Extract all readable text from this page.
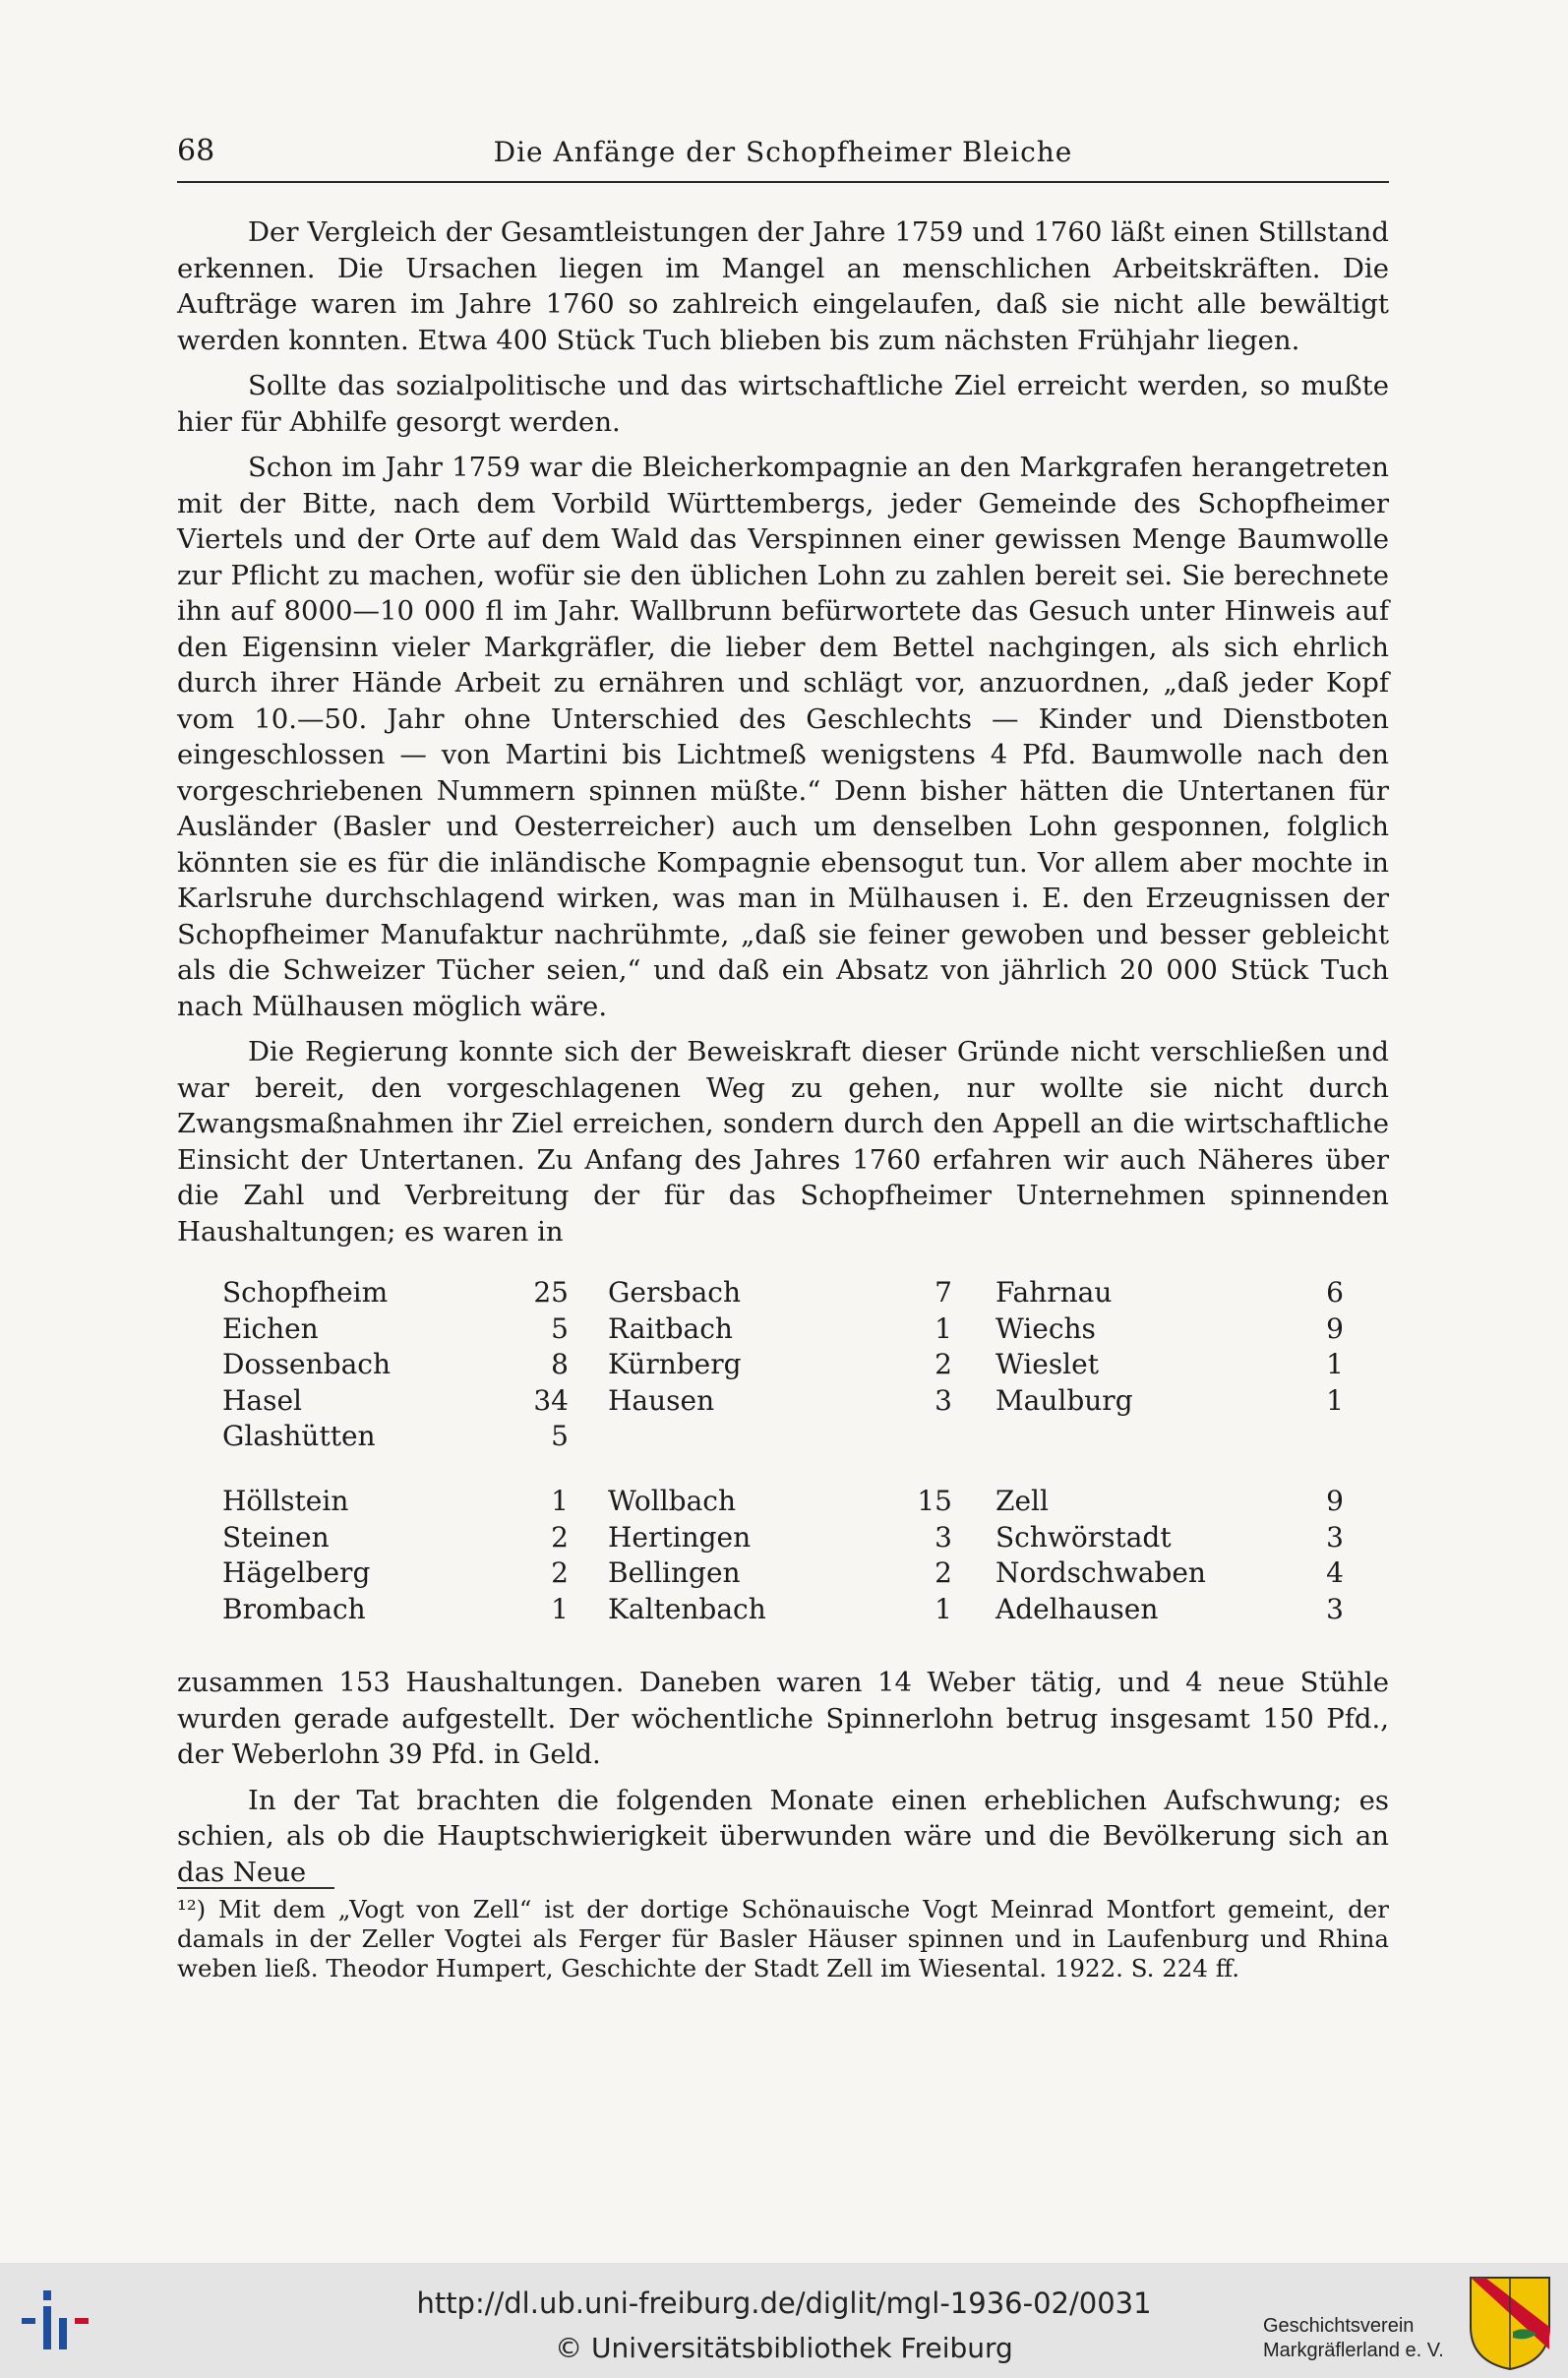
68	Die Anfänge der Schopfheimer Bleiche

Der Vergleich der Gesamtleistungen der Jahre 1759 und 1760 läßt einen Stillstand erkennen. Die Ursachen liegen im Mangel an menschlichen Arbeitskräften. Die Aufträge waren im Jahre 1760 so zahlreich eingelaufen, daß sie nicht alle bewältigt werden konnten. Etwa 400 Stück Tuch blieben bis zum nächsten Frühjahr liegen.

Sollte das sozialpolitische und das wirtschaftliche Ziel erreicht werden, so mußte hier für Abhilfe gesorgt werden.

Schon im Jahr 1759 war die Bleicherkompagnie an den Markgrafen herangetreten mit der Bitte, nach dem Vorbild Württembergs, jeder Gemeinde des Schopfheimer Viertels und der Orte auf dem Wald das Verspinnen einer gewissen Menge Baumwolle zur Pflicht zu machen, wofür sie den üblichen Lohn zu zahlen bereit sei. Sie berechnete ihn auf 8000—10 000 fl im Jahr. Wallbrunn befürwortete das Gesuch unter Hinweis auf den Eigensinn vieler Markgräfler, die lieber dem Bettel nachgingen, als sich ehrlich durch ihrer Hände Arbeit zu ernähren und schlägt vor, anzuordnen, „daß jeder Kopf vom 10.—50. Jahr ohne Unterschied des Geschlechts — Kinder und Dienstboten eingeschlossen — von Martini bis Lichtmeß wenigstens 4 Pfd. Baumwolle nach den vorgeschriebenen Nummern spinnen müßte.“ Denn bisher hätten die Untertanen für Ausländer (Basler und Oesterreicher) auch um denselben Lohn gesponnen, folglich könnten sie es für die inländische Kompagnie ebensogut tun. Vor allem aber mochte in Karlsruhe durchschlagend wirken, was man in Mülhausen i. E. den Erzeugnissen der Schopfheimer Manufaktur nachrühmte, „daß sie feiner gewoben und besser gebleicht als die Schweizer Tücher seien,“ und daß ein Absatz von jährlich 20 000 Stück Tuch nach Mülhausen möglich wäre.

Die Regierung konnte sich der Beweiskraft dieser Gründe nicht verschließen und war bereit, den vorgeschlagenen Weg zu gehen, nur wollte sie nicht durch Zwangsmaßnahmen ihr Ziel erreichen, sondern durch den Appell an die wirtschaftliche Einsicht der Untertanen. Zu Anfang des Jahres 1760 erfahren wir auch Näheres über die Zahl und Verbreitung der für das Schopfheimer Unternehmen spinnenden Haushaltungen; es waren in

Schopfheim	25 Gersbach	7 Fahrnau	6
Eichen	5 Raitbach	1 Wiechs	9
Dossenbach	8 Kürnberg	2 Wieslet	1
Hasel	34 Hausen	3 Maulburg	1
Glashütten	5
Höllstein	1 Wollbach	15 Zell	9
Steinen	2 Hertingen	3 Schwörstadt	3
Hägelberg	2 Bellingen	2 Nordschwaben	4
Brombach	1 Kaltenbach	1 Adelhausen	3

zusammen 153 Haushaltungen. Daneben waren 14 Weber tätig, und 4 neue Stühle wurden gerade aufgestellt. Der wöchentliche Spinnerlohn betrug insgesamt 150 Pfd., der Weberlohn 39 Pfd. in Geld.

In der Tat brachten die folgenden Monate einen erheblichen Aufschwung; es schien, als ob die Hauptschwierigkeit überwunden wäre und die Bevölkerung sich an das Neue

¹²) Mit dem „Vogt von Zell“ ist der dortige Schönauische Vogt Meinrad Montfort gemeint, der damals in der Zeller Vogtei als Ferger für Basler Häuser spinnen und in Laufenburg und Rhina weben ließ. Theodor Humpert, Geschichte der Stadt Zell im Wiesental. 1922. S. 224 ff.
http://dl.ub.uni-freiburg.de/diglit/mgl-1936-02/0031
© Universitätsbibliothek Freiburg
Geschichtsverein
Markgräflerland e. V.
